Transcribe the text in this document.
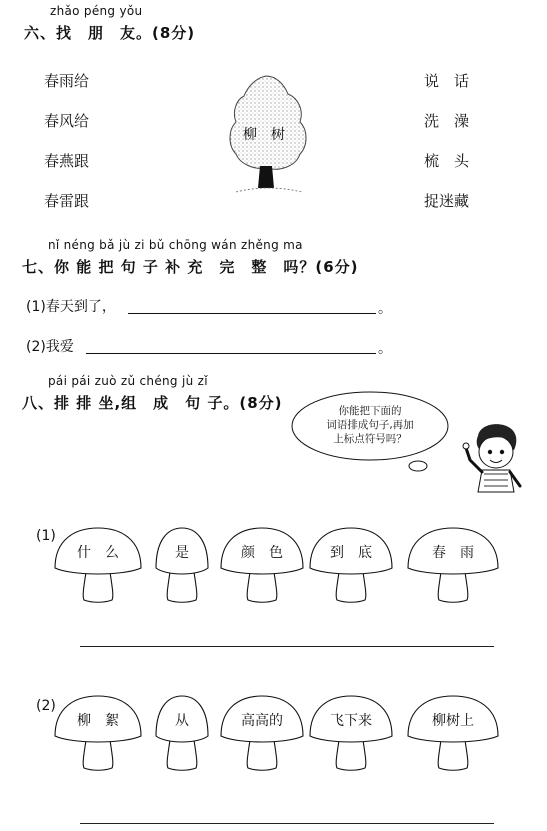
zhǎo péng yǒu
六、找　朋　友。(8分)
春雨给
春风给
春燕跟
春雷跟
说　话
洗　澡
梳　头
捉迷藏
柳　树
nǐ néng bǎ jù zi bǔ chōng wán zhěng ma
七、你 能 把 句 子 补 充　完　整　吗？(6分)
(1)春天到了，	。
(2)我爱	。
pái pái zuò zǔ chéng jù zǐ
八、排 排 坐,组　成　句 子。(8分)	你能把下面的
词语排成句子,再加
上标点符号吗？
(1)
什　么	是	颜　色	到　底	春　雨
(2)
柳　絮	从	高高的	飞下来	柳树上
